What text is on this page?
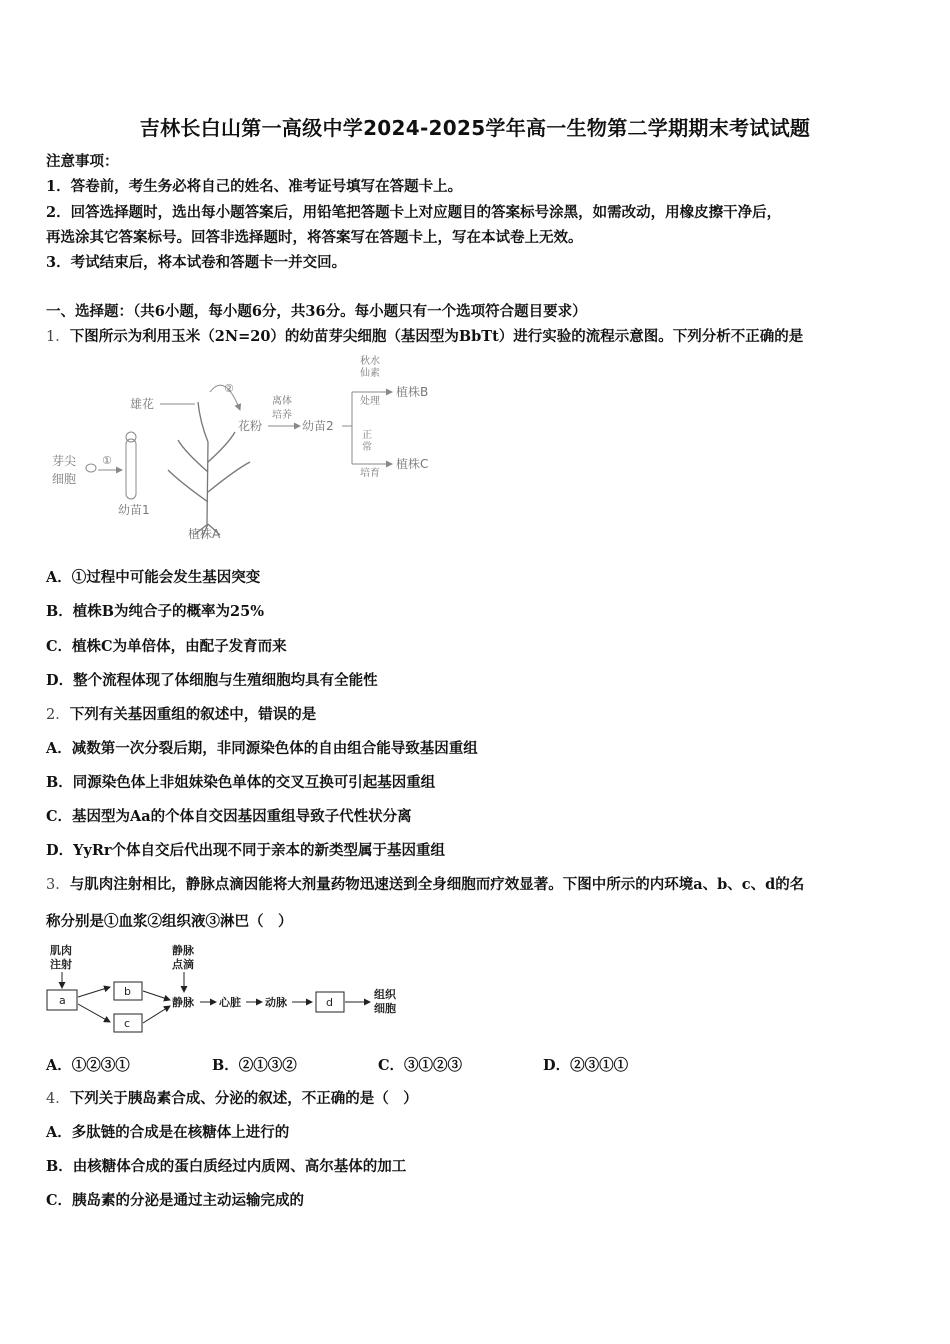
吉林长白山第一高级中学2024-2025学年高一生物第二学期期末考试试题
注意事项：
1．答卷前，考生务必将自己的姓名、准考证号填写在答题卡上。
2．回答选择题时，选出每小题答案后，用铅笔把答题卡上对应题目的答案标号涂黑，如需改动，用橡皮擦干净后，
再选涂其它答案标号。回答非选择题时，将答案写在答题卡上，写在本试卷上无效。
3．考试结束后，将本试卷和答题卡一并交回。
一、选择题：（共6小题，每小题6分，共36分。每小题只有一个选项符合题目要求）
1．下图所示为利用玉米（2N=20）的幼苗芽尖细胞（基因型为BbTt）进行实验的流程示意图。下列分析不正确的是
芽尖
细胞
①
幼苗1
植株A
雄花
②
花粉
离体
培养
幼苗2
秋水
仙素
处理
植株B
正
常
培育
植株C
A．①过程中可能会发生基因突变
B．植株B为纯合子的概率为25%
C．植株C为单倍体，由配子发育而来
D．整个流程体现了体细胞与生殖细胞均具有全能性
2．下列有关基因重组的叙述中，错误的是
A．减数第一次分裂后期，非同源染色体的自由组合能导致基因重组
B．同源染色体上非姐妹染色单体的交叉互换可引起基因重组
C．基因型为Aa的个体自交因基因重组导致子代性状分离
D．YyRr个体自交后代出现不同于亲本的新类型属于基因重组
3．与肌肉注射相比，静脉点滴因能将大剂量药物迅速送到全身细胞而疗效显著。下图中所示的内环境a、b、c、d的名
称分别是①血浆②组织液③淋巴（　）
肌肉
注射
a
b
c
静脉
点滴
静脉 心脏 动脉	d
组织
细胞
A．①②③①	B．②①③②	C．③①②③	D．②③①①
4．下列关于胰岛素合成、分泌的叙述，不正确的是（　）
A．多肽链的合成是在核糖体上进行的
B．由核糖体合成的蛋白质经过内质网、高尔基体的加工
C．胰岛素的分泌是通过主动运输完成的
